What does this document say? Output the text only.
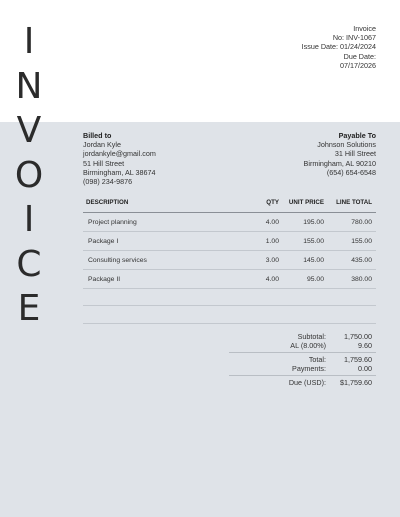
I
N
V
O
I
C
E
Invoice
No: INV-1067
Issue Date: 01/24/2024
Due Date:
07/17/2026
Billed to
Jordan Kyle
jordankyle@gmail.com
51 Hill Street
Birmingham, AL 38674
(098) 234-9876
Payable To
Johnson Solutions
31 Hill Street
Birmingham, AL 90210
(654) 654-6548
DESCRIPTION	QTY	UNIT PRICE	LINE TOTAL
Project planning	4.00	195.00	780.00
Package I	1.00	155.00	155.00
Consulting services	3.00	145.00	435.00
Package II	4.00	95.00	380.00
Subtotal:	1,750.00
AL (8.00%)	9.60
Total:	1,759.60
Payments:	0.00
Due (USD):	$1,759.60
